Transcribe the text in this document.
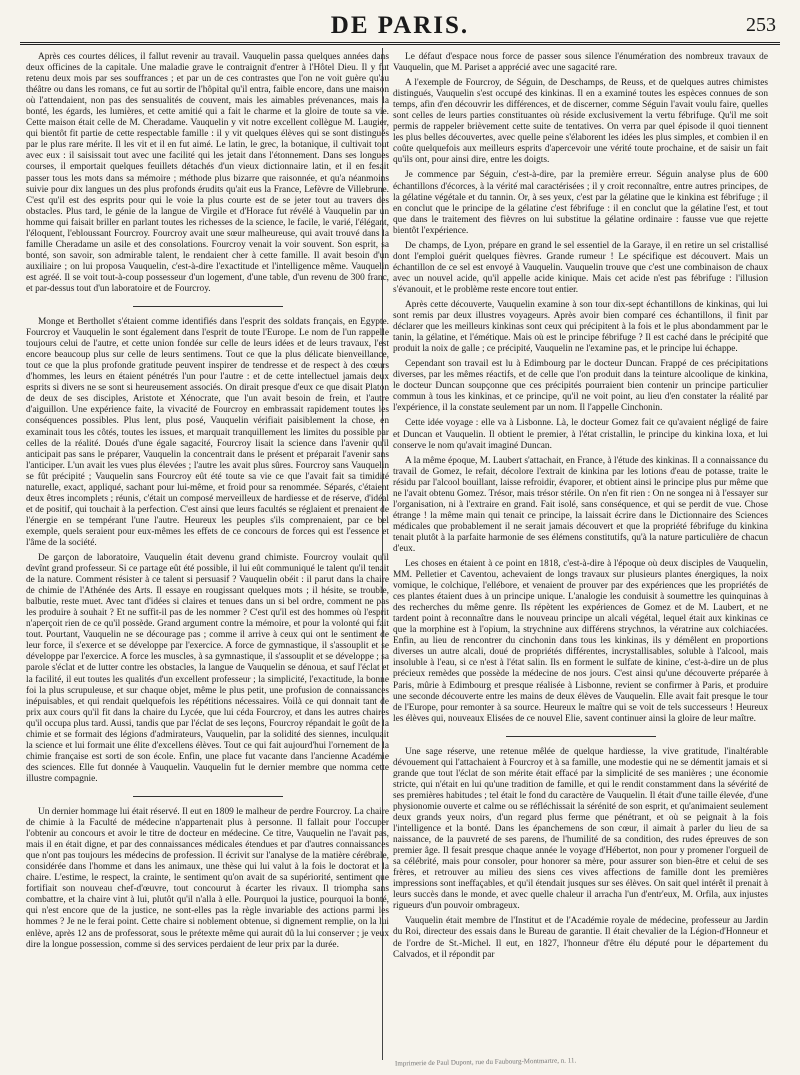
DE PARIS.	253

Après ces courtes délices, il fallut revenir au travail. Vauquelin passa quelques années dans deux officines de la capitale. Une maladie grave le contraignit d'entrer à l'Hôtel Dieu. Il y fut retenu deux mois par ses souffrances ; et par un de ces contrastes que l'on ne voit guère qu'au théâtre ou dans les romans, ce fut au sortir de l'hôpital qu'il entra, faible encore, dans une maison où l'attendaient, non pas des sensualités de couvent, mais les aimables prévenances, mais la bonté, les égards, les lumières, et cette amitié qui a fait le charme et la gloire de toute sa vie. Cette maison était celle de M. Cheradame. Vauquelin y vit notre excellent collègue M. Laugier, qui bientôt fit partie de cette respectable famille : il y vit quelques élèves qui se sont distingués par le plus rare mérite. Il les vit et il en fut aimé. Le latin, le grec, la botanique, il cultivait tout avec eux : il saisissait tout avec une facilité qui les jetait dans l'étonnement. Dans ses longues courses, il emportait quelques feuillets détachés d'un vieux dictionnaire latin, et il en fesait passer tous les mots dans sa mémoire ; méthode plus bizarre que raisonnée, et qu'a néanmoins suivie pour dix langues un des plus profonds érudits qu'ait eus la France, Lefèvre de Villebrune. C'est qu'il est des esprits pour qui le voie la plus courte est de se jeter tout au travers des obstacles. Plus tard, le génie de la langue de Virgile et d'Horace fut révélé à Vauquelin par un homme qui faisait briller en parlant toutes les richesses de la science, le facile, le varié, l'élégant, l'éloquent, l'ebloussant Fourcroy. Fourcroy avait une sœur malheureuse, qui avait trouvé dans la famille Cheradame un asile et des consolations. Fourcroy venait la voir souvent. Son esprit, sa bonté, son savoir, son admirable talent, le rendaient cher à cette famille. Il avait besoin d'un auxiliaire ; on lui proposa Vauquelin, c'est-à-dire l'exactitude et l'intelligence même. Vauquelin est agréé. Il se voit tout-à-coup possesseur d'un logement, d'une table, d'un revenu de 300 franc, et par-dessus tout d'un laboratoire et de Fourcroy.

Monge et Berthollet s'étaient comme identifiés dans l'esprit des soldats français, en Egypte. Fourcroy et Vauquelin le sont également dans l'esprit de toute l'Europe. Le nom de l'un rappelle toujours celui de l'autre, et cette union fondée sur celle de leurs idées et de leurs travaux, l'est encore beaucoup plus sur celle de leurs sentimens. Tout ce que la plus délicate bienveillance, tout ce que la plus profonde gratitude peuvent inspirer de tendresse et de respect à des cœurs d'hommes, les leurs en étaient pénétrés l'un pour l'autre : et de cette intellectuel jamais deux esprits si divers ne se sont si heureusement associés. On dirait presque d'eux ce que disait Platon de deux de ses disciples, Aristote et Xénocrate, que l'un avait besoin de frein, et l'autre d'aiguillon. Une expérience faite, la vivacité de Fourcroy en embrassait rapidement toutes les conséquences possibles. Plus lent, plus posé, Vauquelin vérifiait paisiblement la chose, en examinait tous les côtés, toutes les issues, et marquait tranquillement les limites du possible par celles de la réalité. Doués d'une égale sagacité, Fourcroy lisait la science dans l'avenir qu'il anticipait pas sans le préparer, Vauquelin la concentrait dans le présent et préparait l'avenir sans l'anticiper. L'un avait les vues plus élevées ; l'autre les avait plus sûres. Fourcroy sans Vauquelin se fût précipité ; Vauquelin sans Fourcroy eût été toute sa vie ce que l'avait fait sa timidité naturelle, exact, appliqué, sachant pour lui-même, et froid pour sa renommée. Séparés, c'étaient deux êtres incomplets ; réunis, c'était un composé merveilleux de hardiesse et de réserve, d'idéal et de positif, qui touchait à la perfection. C'est ainsi que leurs facultés se réglaient et prenaient de l'énergie en se tempérant l'une l'autre. Heureux les peuples s'ils comprenaient, par ce bel exemple, quels seraient pour eux-mêmes les effets de ce concours de forces qui est l'essence et l'âme de la société.

De garçon de laboratoire, Vauquelin était devenu grand chimiste. Fourcroy voulait qu'il devînt grand professeur. Si ce partage eût été possible, il lui eût communiqué le talent qu'il tenait de la nature. Comment résister à ce talent si persuasif ? Vauquelin obéit : il parut dans la chaire de chimie de l'Athénée des Arts. Il essaye en rougissant quelques mots ; il hésite, se trouble, balbutie, reste muet. Avec tant d'idées si claires et tenues dans un si bel ordre, comment ne pas les produire à souhait ? Et ne suffit-il pas de les nommer ? C'est qu'il est des hommes où l'esprit n'aperçoit rien de ce qu'il possède. Grand argument contre la mémoire, et pour la volonté qui fait tout. Pourtant, Vauquelin ne se décourage pas ; comme il arrive à ceux qui ont le sentiment de leur force, il s'exerce et se développe par l'exercice. A force de gymnastique, il s'assouplit et se développe par l'exercice. A force les muscles, à sa gymnastique, il s'assouplit et se développe ; sa parole s'éclat et de lutter contre les obstacles, la langue de Vauquelin se dénoua, et sauf l'éclat et la facilité, il eut toutes les qualités d'un excellent professeur ; la simplicité, l'exactitude, la bonne foi la plus scrupuleuse, et sur chaque objet, même le plus petit, une profusion de connaissances inépuisables, et qui rendait quelquefois les répétitions nécessaires. Voilà ce qui donnait tant de prix aux cours qu'il fit dans la chaire du Lycée, que lui céda Fourcroy, et dans les autres chaires qu'il occupa plus tard. Aussi, tandis que par l'éclat de ses leçons, Fourcroy répandait le goût de la chimie et se formait des légions d'admirateurs, Vauquelin, par la solidité des siennes, inculquait la science et lui formait une élite d'excellens élèves. Tout ce qui fait aujourd'hui l'ornement de la chimie française est sorti de son école. Enfin, une place fut vacante dans l'ancienne Académie des sciences. Elle fut donnée à Vauquelin. Vauquelin fut le dernier membre que nomma cette illustre compagnie.

Un dernier hommage lui était réservé. Il eut en 1809 le malheur de perdre Fourcroy. La chaire de chimie à la Faculté de médecine n'appartenait plus à personne. Il fallait pour l'occuper l'obtenir au concours et avoir le titre de docteur en médecine. Ce titre, Vauquelin ne l'avait pas, mais il en était digne, et par des connaissances médicales étendues et par d'autres connaissances que n'ont pas toujours les médecins de profession. Il écrivit sur l'analyse de la matière cérébrale, considérée dans l'homme et dans les animaux, une thèse qui lui valut à la fois le doctorat et la chaire. L'estime, le respect, la crainte, le sentiment qu'on avait de sa supériorité, sentiment que fortifiait son nouveau chef-d'œuvre, tout concourut à écarter les rivaux. Il triompha sans combattre, et la chaire vint à lui, plutôt qu'il n'alla à elle. Pourquoi la justice, pourquoi la bonté, qui n'est encore que de la justice, ne sont-elles pas la règle invariable des actions parmi les hommes ? Je ne le ferai point. Cette chaire si noblement obtenue, si dignement remplie, on la lui enlève, après 12 ans de professorat, sous le prétexte même qui aurait dû la lui conserver ; je veux dire la longue possession, comme si des services perdaient de leur prix par la durée.

Le défaut d'espace nous force de passer sous silence l'énumération des nombreux travaux de Vauquelin, que M. Pariset a apprécié avec une sagacité rare.

A l'exemple de Fourcroy, de Séguin, de Deschamps, de Reuss, et de quelques autres chimistes distingués, Vauquelin s'est occupé des kinkinas. Il en a examiné toutes les espèces connues de son temps, afin d'en découvrir les différences, et de discerner, comme Séguin l'avait voulu faire, quelles sont celles de leurs parties constituantes où réside exclusivement la vertu fébrifuge. Qu'il me soit permis de rappeler brièvement cette suite de tentatives. On verra par quel épisode il quoi tiennent les plus belles découvertes, avec quelle peine s'élaborent les idées les plus simples, et combien il en coûte quelquefois aux meilleurs esprits d'apercevoir une vérité toute prochaine, et de saisir un fait qu'ils ont, pour ainsi dire, entre les doigts.

Je commence par Séguin, c'est-à-dire, par la première erreur. Séguin analyse plus de 600 échantillons d'écorces, à la vérité mal caractérisées ; il y croit reconnaître, entre autres principes, de la gélatine végétale et du tannin. Or, à ses yeux, c'est par la gélatine que le kinkina est fébrifuge ; il en conclut que le principe de la gélatine c'est fébrifuge : il en conclut que la gélatine l'est, et tout que dans le traitement des fièvres on lui substitue la gélatine ordinaire : fausse vue que rejette bientôt l'expérience.

De champs, de Lyon, prépare en grand le sel essentiel de la Garaye, il en retire un sel cristallisé dont l'emploi guérit quelques fièvres. Grande rumeur ! Le spécifique est découvert. Mais un échantillon de ce sel est envoyé à Vauquelin. Vauquelin trouve que c'est une combinaison de chaux avec un nouvel acide, qu'il appelle acide kinique. Mais cet acide n'est pas fébrifuge : l'illusion s'évanouit, et le problème reste encore tout entier.

Après cette découverte, Vauquelin examine à son tour dix-sept échantillons de kinkinas, qui lui sont remis par deux illustres voyageurs. Après avoir bien comparé ces échantillons, il finit par déclarer que les meilleurs kinkinas sont ceux qui précipitent à la fois et le plus abondamment par le tanin, la gélatine, et l'émétique. Mais où est le principe fébrifuge ? Il est caché dans le précipité que produit la noix de galle ; ce précipité, Vauquelin ne l'examine pas, et le principe lui échappe.

Cependant son travail est lu à Edimbourg par le docteur Duncan. Frappé de ces précipitations diverses, par les mêmes réactifs, et de celle que l'on produit dans la teinture alcoolique de kinkina, le docteur Duncan soupçonne que ces précipités pourraient bien contenir un principe particulier commun à tous les kinkinas, et ce principe, qu'il ne voit point, au lieu d'en constater la réalité par l'expérience, il la constate seulement par un nom. Il l'appelle Cinchonin.

Cette idée voyage : elle va à Lisbonne. Là, le docteur Gomez fait ce qu'avaient négligé de faire et Duncan et Vauquelin. Il obtient le premier, à l'état cristallin, le principe du kinkina loxa, et lui conserve le nom qu'avait imaginé Duncan.

A la même époque, M. Laubert s'attachait, en France, à l'étude des kinkinas. Il a connaissance du travail de Gomez, le refait, décolore l'extrait de kinkina par les lotions d'eau de potasse, traite le résidu par l'alcool bouillant, laisse refroidir, évaporer, et obtient ainsi le principe plus pur même que ne l'avait obtenu Gomez. Trésor, mais trésor stérile. On n'en fit rien : On ne songea ni à l'essayer sur l'organisation, ni à l'extraire en grand. Fait isolé, sans conséquence, et qui se perdit de vue. Chose étrange ! la même main qui tenait ce principe, la laissait écrire dans le Dictionnaire des Sciences médicales que probablement il ne serait jamais découvert et que la propriété fébrifuge du kinkina tenait plutôt à la parfaite harmonie de ses élémens constitutifs, qu'à la nature particulière de chacun d'eux.

Les choses en étaient à ce point en 1818, c'est-à-dire à l'époque où deux disciples de Vauquelin, MM. Pelletier et Caventou, achevaient de longs travaux sur plusieurs plantes énergiques, la noix vomique, le colchique, l'ellébore, et venaient de prouver par des expériences que les propriétés de ces plantes étaient dues à un principe unique. L'analogie les conduisit à soumettre les quinquinas à des recherches du même genre. Ils répètent les expériences de Gomez et de M. Laubert, et ne tardent point à reconnaître dans le nouveau principe un alcali végétal, lequel était aux kinkinas ce que la morphine est à l'opium, la strychnine aux différens strychnos, la vératrine aux colchiacées. Enfin, au lieu de rencontrer du cinchonin dans tous les kinkinas, ils y démêlent en proportions diverses un autre alcali, doué de propriétés différentes, incrystallisables, soluble à l'alcool, mais insoluble à l'eau, si ce n'est à l'état salin. Ils en forment le sulfate de kinine, c'est-à-dire un de plus précieux remèdes que possède la médecine de nos jours. C'est ainsi qu'une découverte préparée à Paris, mûrie à Edimbourg et presque réalisée à Lisbonne, revient se confirmer à Paris, et produire une seconde découverte entre les mains de deux élèves de Vauquelin. Elle avait fait presque le tour de l'Europe, pour remonter à sa source. Heureux le maître qui se voit de tels successeurs ! Heureux les élèves qui, nouveaux Elisées de ce nouvel Elie, savent continuer ainsi la gloire de leur maître.

Une sage réserve, une retenue mêlée de quelque hardiesse, la vive gratitude, l'inaltérable dévouement qui l'attachaient à Fourcroy et à sa famille, une modestie qui ne se démentit jamais et si grande que tout l'éclat de son mérite était effacé par la simplicité de ses manières ; une économie stricte, qui n'était en lui qu'une tradition de famille, et qui le rendit constamment dans la sévérité de ses premières habitudes ; tel était le fond du caractère de Vauquelin. Il était d'une taille élevée, d'une physionomie ouverte et calme ou se réfléchissait la sérénité de son esprit, et qu'animaient seulement deux grands yeux noirs, d'un regard plus ferme que pénétrant, et où se peignait à la fois l'intelligence et la bonté. Dans les épanchemens de son cœur, il aimait à parler du lieu de sa naissance, de la pauvreté de ses parens, de l'humilité de sa condition, des rudes épreuves de son premier âge. Il fesait presque chaque année le voyage d'Hébertot, non pour y promener l'orgueil de sa célébrité, mais pour consoler, pour honorer sa mère, pour assurer son bien-être et celui de ses frères, et retrouver au milieu des siens ces vives affections de famille dont les premières impressions sont ineffaçables, et qu'il étendait jusques sur ses élèves. On sait quel intérêt il prenait à leurs succès dans le monde, et avec quelle chaleur il arracha l'un d'entr'eux, M. Orfila, aux injustes rigueurs d'un pouvoir ombrageux.

Vauquelin était membre de l'Institut et de l'Académie royale de médecine, professeur au Jardin du Roi, directeur des essais dans le Bureau de garantie. Il était chevalier de la Légion-d'Honneur et de l'ordre de St.-Michel. Il eut, en 1827, l'honneur d'être élu député pour le département du Calvados, et il répondit par

Imprimerie de Paul Dupont, rue du Faubourg-Montmartre, n. 11.
